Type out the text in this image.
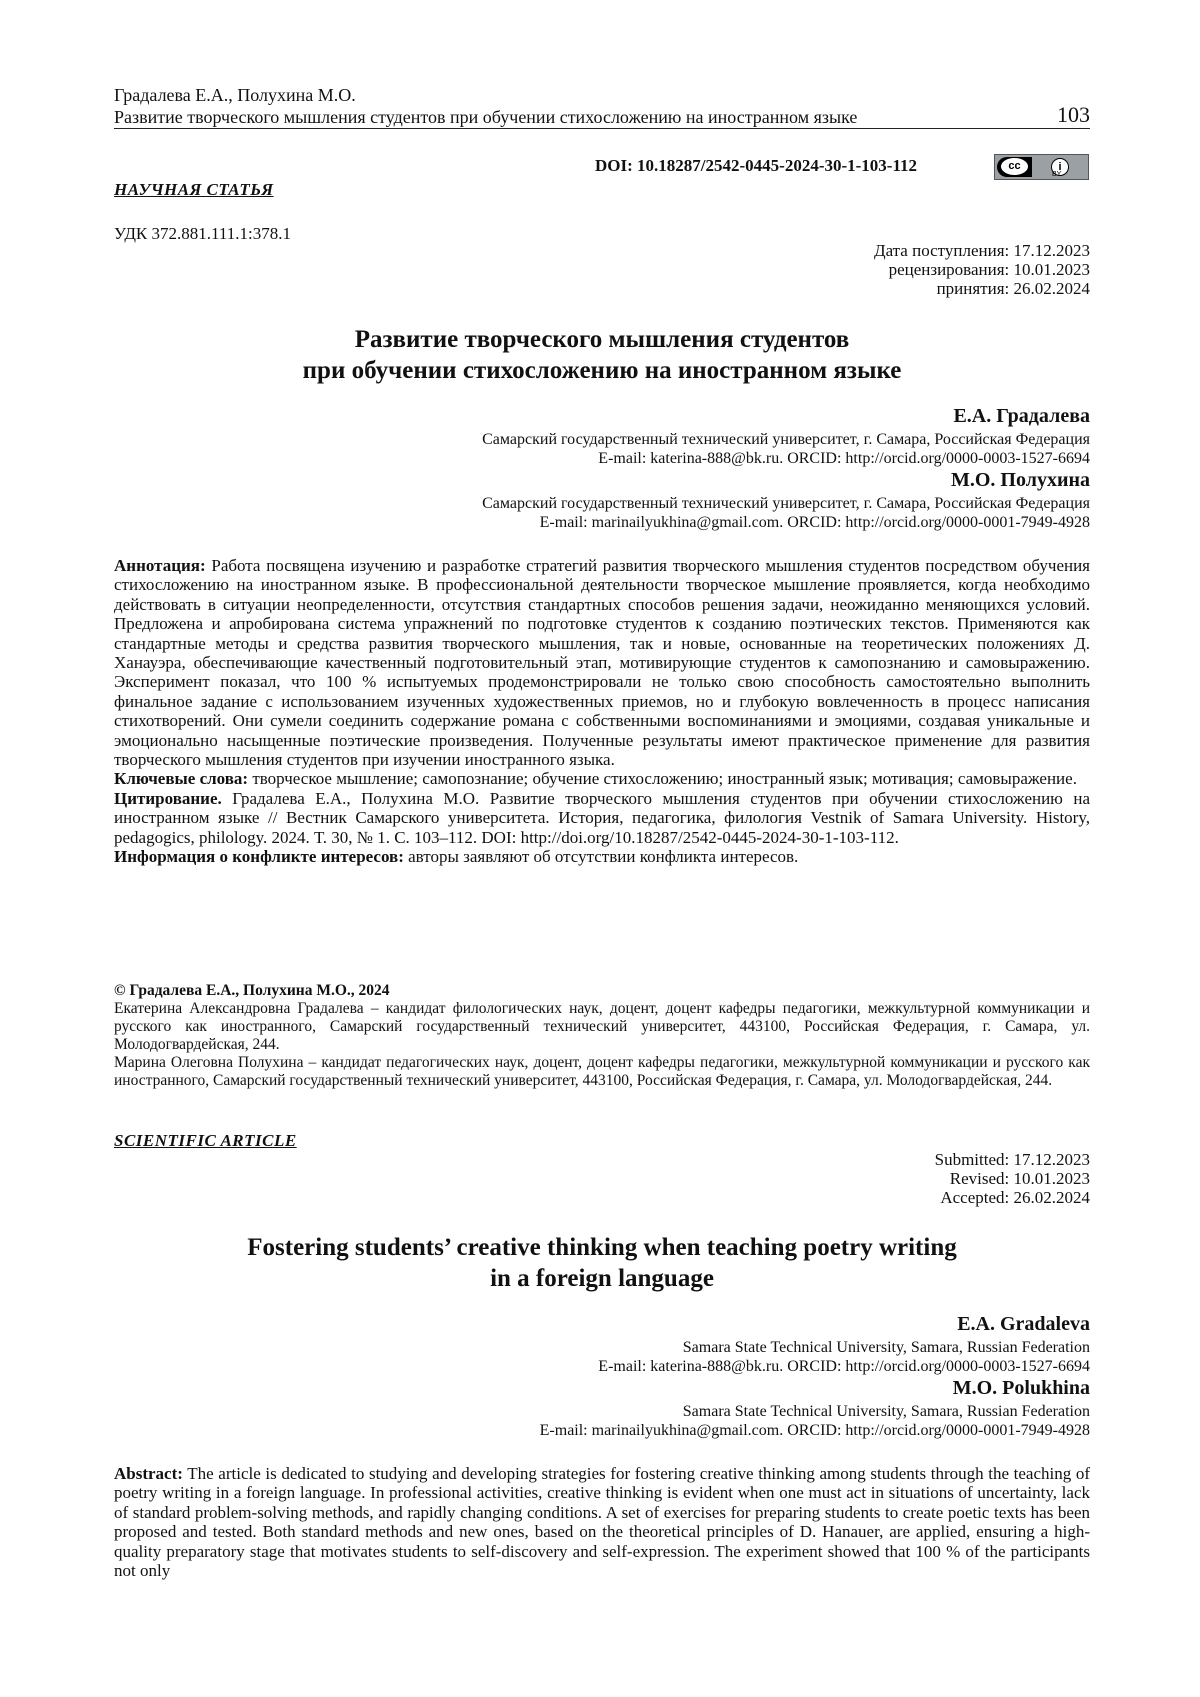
Градалева Е.А., Полухина М.О.
Развитие творческого мышления студентов при обучении стихосложению на иностранном языке	103
DOI: 10.18287/2542-0445-2024-30-1-103-112	cc	i
BY
НАУЧНАЯ СТАТЬЯ
УДК 372.881.111.1:378.1
Дата поступления: 17.12.2023
рецензирования: 10.01.2023
принятия: 26.02.2024
Развитие творческого мышления студентов
при обучении стихосложению на иностранном языке
Е.А. Градалева
Самарский государственный технический университет, г. Самара, Российская Федерация
E-mail: katerina-888@bk.ru. ORCID: http://orcid.org/0000-0003-1527-6694
М.О. Полухина
Самарский государственный технический университет, г. Самара, Российская Федерация
E-mail: marinailyukhina@gmail.com. ORCID: http://orcid.org/0000-0001-7949-4928

Аннотация: Работа посвящена изучению и разработке стратегий развития творческого мышления студентов посредством обучения стихосложению на иностранном языке. В профессиональной деятельности творческое мышление проявляется, когда необходимо действовать в ситуации неопределенности, отсутствия стандартных способов решения задачи, неожиданно меняющихся условий. Предложена и апробирована система упражнений по подготовке студентов к созданию поэтических текстов. Применяются как стандартные методы и средства развития творческого мышления, так и новые, основанные на теоретических положениях Д. Ханауэра, обеспечивающие качественный подготовительный этап, мотивирующие студентов к самопознанию и самовыражению. Эксперимент показал, что 100 % испытуемых продемонстрировали не только свою способность самостоятельно выполнить финальное задание с использованием изученных художественных приемов, но и глубокую вовлеченность в процесс написания стихотворений. Они сумели соединить содержание романа с собственными воспоминаниями и эмоциями, создавая уникальные и эмоционально насыщенные поэтические произведения. Полученные результаты имеют практическое применение для развития творческого мышления студентов при изучении иностранного языка.

Ключевые слова: творческое мышление; самопознание; обучение стихосложению; иностранный язык; мотивация; самовыражение.

Цитирование. Градалева Е.А., Полухина М.О. Развитие творческого мышления студентов при обучении стихосложению на иностранном языке // Вестник Самарского университета. История, педагогика, филология Vestnik of Samara University. History, pedagogics, philology. 2024. Т. 30, № 1. С. 103–112. DOI: http://doi.org/10.18287/2542-0445-2024-30-1-103-112.

Информация о конфликте интересов: авторы заявляют об отсутствии конфликта интересов.

© Градалева Е.А., Полухина М.О., 2024
Екатерина Александровна Градалева – кандидат филологических наук, доцент, доцент кафедры педагогики, межкультурной коммуникации и русского как иностранного, Самарский государственный технический университет, 443100, Российская Федерация, г. Самара, ул. Молодогвардейская, 244.
Марина Олеговна Полухина – кандидат педагогических наук, доцент, доцент кафедры педагогики, межкультурной коммуникации и русского как иностранного, Самарский государственный технический университет, 443100, Российская Федерация, г. Самара, ул. Молодогвардейская, 244.
SCIENTIFIC ARTICLE
Submitted: 17.12.2023
Revised: 10.01.2023
Accepted: 26.02.2024
Fostering students’ creative thinking when teaching poetry writing
in a foreign language
E.A. Gradaleva
Samara State Technical University, Samara, Russian Federation
E-mail: katerina-888@bk.ru. ORCID: http://orcid.org/0000-0003-1527-6694
M.O. Polukhina
Samara State Technical University, Samara, Russian Federation
E-mail: marinailyukhina@gmail.com. ORCID: http://orcid.org/0000-0001-7949-4928

Abstract: The article is dedicated to studying and developing strategies for fostering creative thinking among students through the teaching of poetry writing in a foreign language. In professional activities, creative thinking is evident when one must act in situations of uncertainty, lack of standard problem-solving methods, and rapidly changing conditions. A set of exercises for preparing students to create poetic texts has been proposed and tested. Both standard methods and new ones, based on the theoretical principles of D. Hanauer, are applied, ensuring a high-quality preparatory stage that motivates students to self-discovery and self-expression. The experiment showed that 100 % of the participants not only
